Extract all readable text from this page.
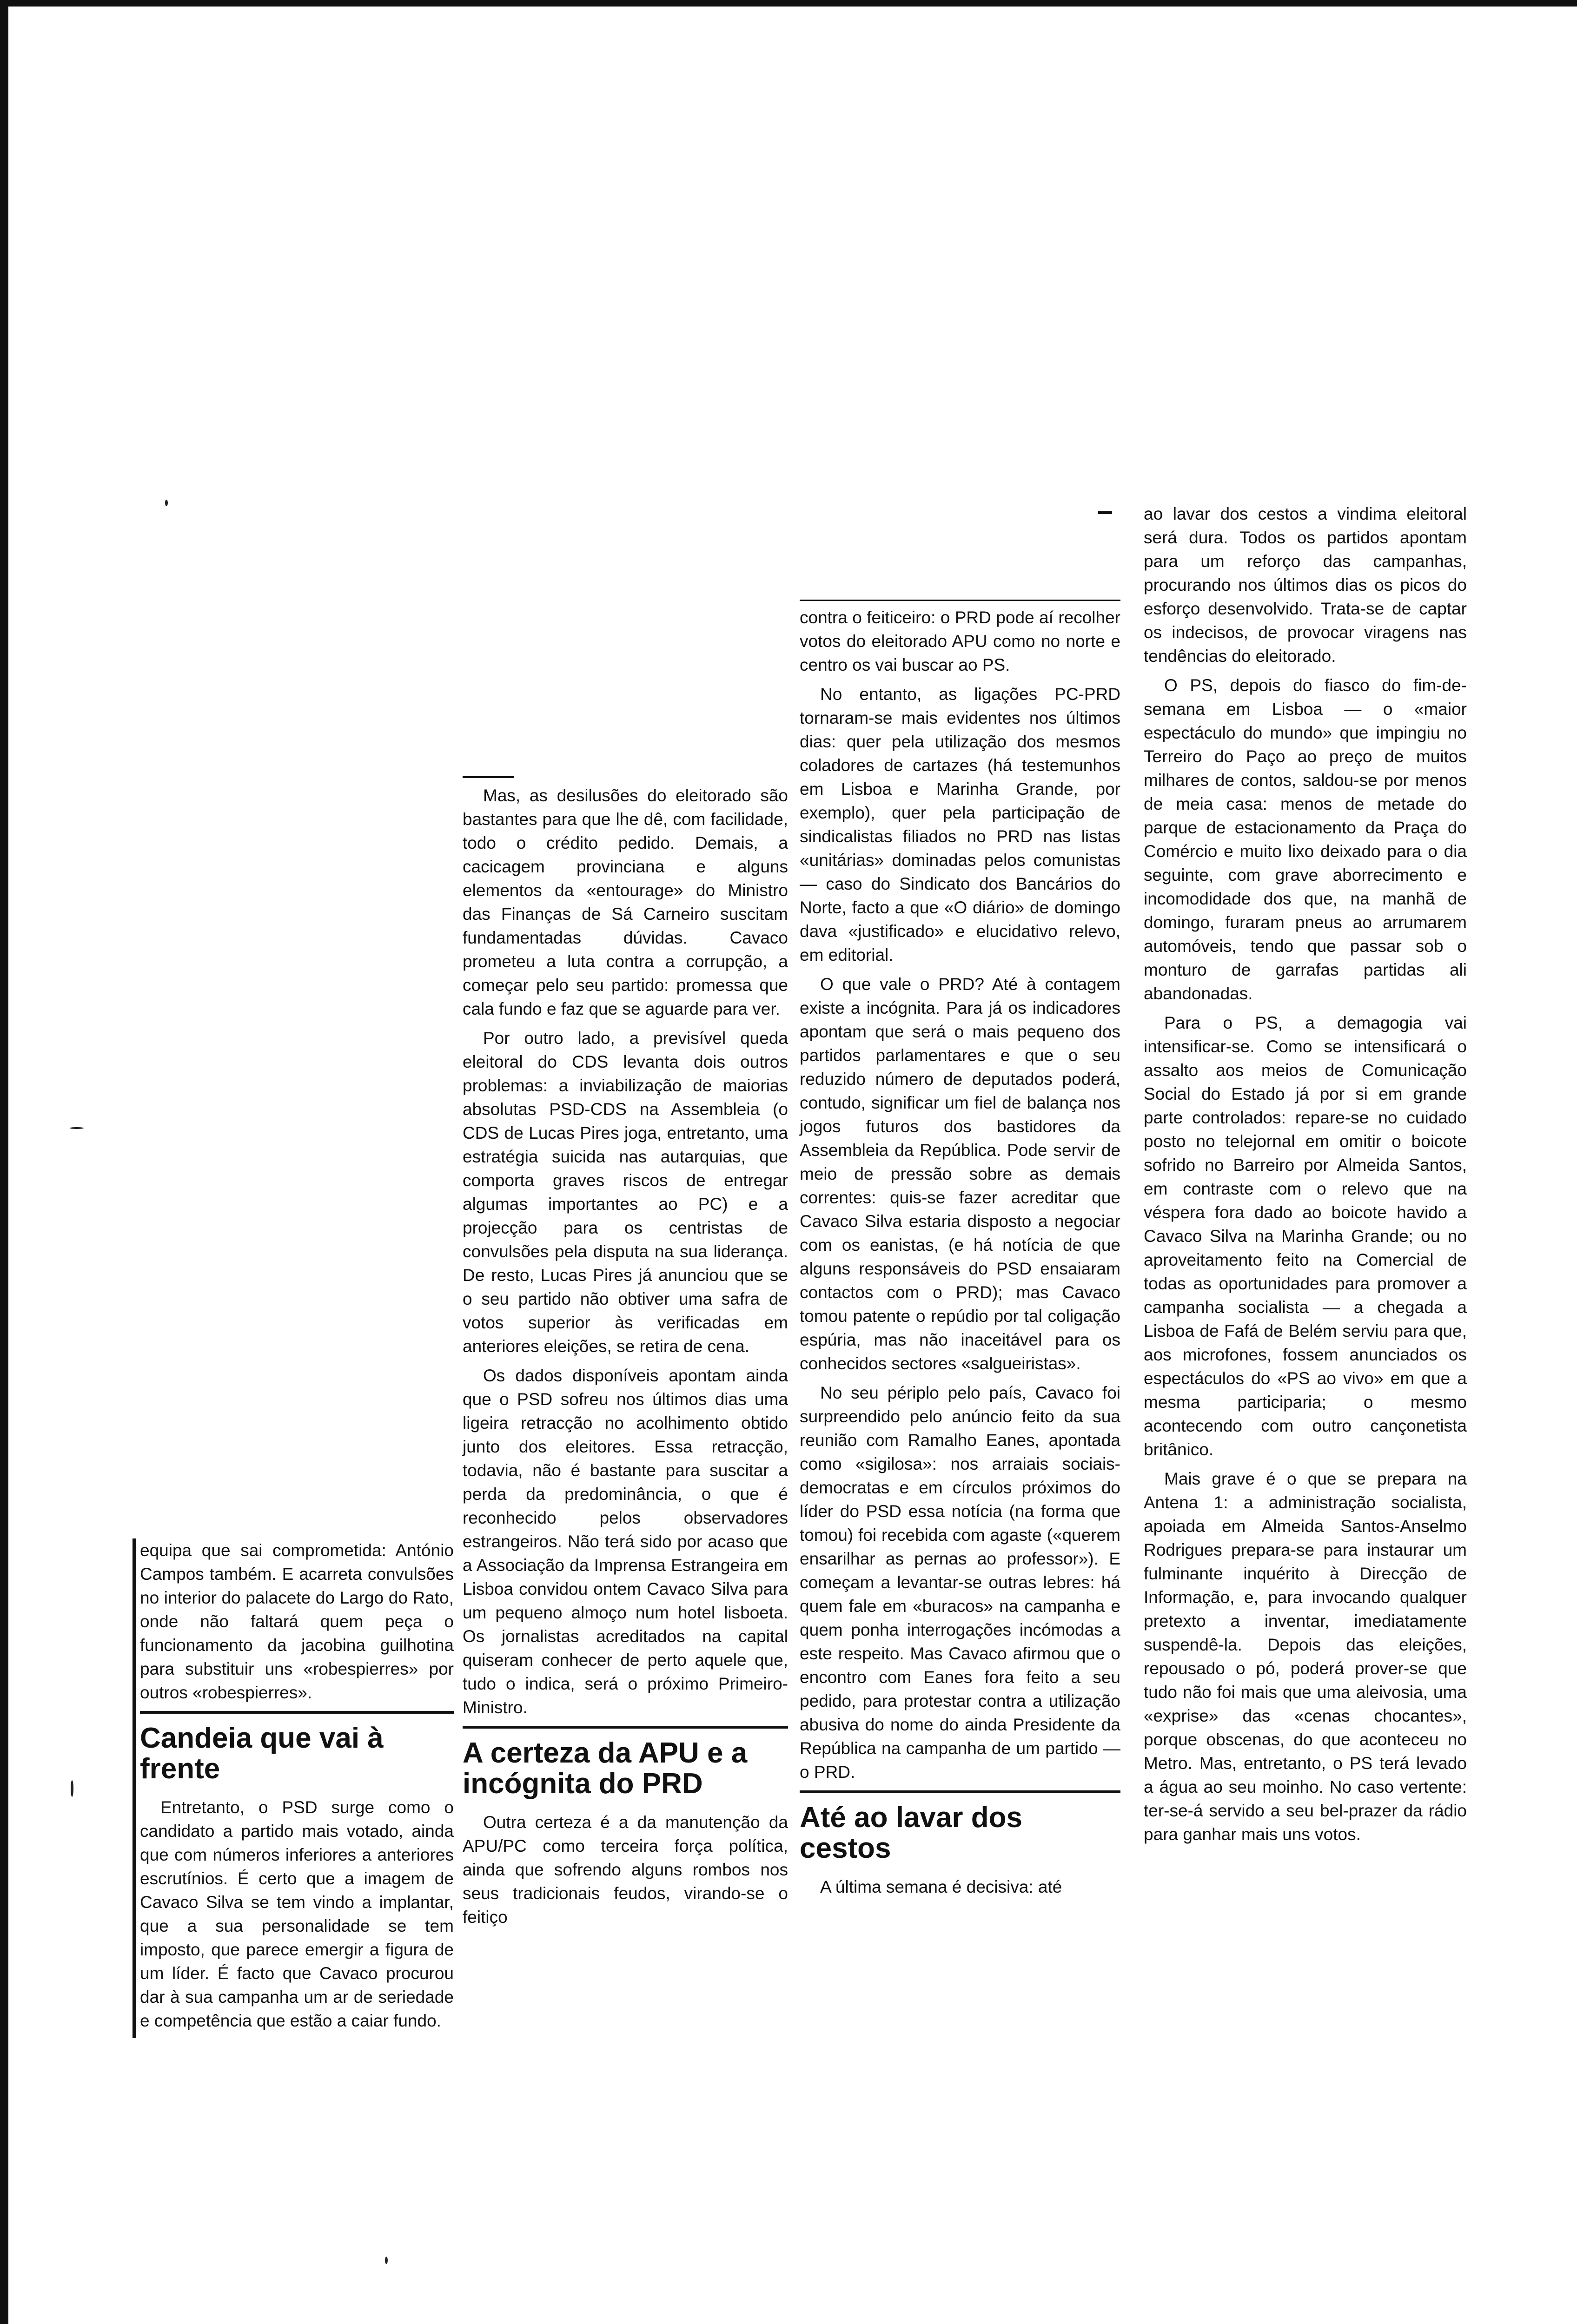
equipa que sai comprometida: António Campos também. E acarreta convulsões no interior do palacete do Largo do Rato, onde não faltará quem peça o funcionamento da jacobina guilhotina para substituir uns «robespierres» por outros «robespierres».

Candeia que vai à frente

Entretanto, o PSD surge como o candidato a partido mais votado, ainda que com números inferiores a anteriores escrutínios. É certo que a imagem de Cavaco Silva se tem vindo a implantar, que a sua personalidade se tem imposto, que parece emergir a figura de um líder. É facto que Cavaco procurou dar à sua campanha um ar de seriedade e competência que estão a caiar fundo.

Mas, as desilusões do eleitorado são bastantes para que lhe dê, com facilidade, todo o crédito pedido. Demais, a cacicagem provinciana e alguns elementos da «entourage» do Ministro das Finanças de Sá Carneiro suscitam fundamentadas dúvidas. Cavaco prometeu a luta contra a corrupção, a começar pelo seu partido: promessa que cala fundo e faz que se aguarde para ver.

Por outro lado, a previsível queda eleitoral do CDS levanta dois outros problemas: a inviabilização de maiorias absolutas PSD-CDS na Assembleia (o CDS de Lucas Pires joga, entretanto, uma estratégia suicida nas autarquias, que comporta graves riscos de entregar algumas importantes ao PC) e a projecção para os centristas de convulsões pela disputa na sua liderança. De resto, Lucas Pires já anunciou que se o seu partido não obtiver uma safra de votos superior às verificadas em anteriores eleições, se retira de cena.

Os dados disponíveis apontam ainda que o PSD sofreu nos últimos dias uma ligeira retracção no acolhimento obtido junto dos eleitores. Essa retracção, todavia, não é bastante para suscitar a perda da predominância, o que é reconhecido pelos observadores estrangeiros. Não terá sido por acaso que a Associação da Imprensa Estrangeira em Lisboa convidou ontem Cavaco Silva para um pequeno almoço num hotel lisboeta. Os jornalistas acreditados na capital quiseram conhecer de perto aquele que, tudo o indica, será o próximo Primeiro-Ministro.

A certeza da APU e a incógnita do PRD

Outra certeza é a da manutenção da APU/PC como terceira força política, ainda que sofrendo alguns rombos nos seus tradicionais feudos, virando-se o feitiço

contra o feiticeiro: o PRD pode aí recolher votos do eleitorado APU como no norte e centro os vai buscar ao PS.

No entanto, as ligações PC-PRD tornaram-se mais evidentes nos últimos dias: quer pela utilização dos mesmos coladores de cartazes (há testemunhos em Lisboa e Marinha Grande, por exemplo), quer pela participação de sindicalistas filiados no PRD nas listas «unitárias» dominadas pelos comunistas — caso do Sindicato dos Bancários do Norte, facto a que «O diário» de domingo dava «justificado» e elucidativo relevo, em editorial.

O que vale o PRD? Até à contagem existe a incógnita. Para já os indicadores apontam que será o mais pequeno dos partidos parlamentares e que o seu reduzido número de deputados poderá, contudo, significar um fiel de balança nos jogos futuros dos bastidores da Assembleia da República. Pode servir de meio de pressão sobre as demais correntes: quis-se fazer acreditar que Cavaco Silva estaria disposto a negociar com os eanistas, (e há notícia de que alguns responsáveis do PSD ensaiaram contactos com o PRD); mas Cavaco tomou patente o repúdio por tal coligação espúria, mas não inaceitável para os conhecidos sectores «salgueiristas».

No seu périplo pelo país, Cavaco foi surpreendido pelo anúncio feito da sua reunião com Ramalho Eanes, apontada como «sigilosa»: nos arraiais sociais-democratas e em círculos próximos do líder do PSD essa notícia (na forma que tomou) foi recebida com agaste («querem ensarilhar as pernas ao professor»). E começam a levantar-se outras lebres: há quem fale em «buracos» na campanha e quem ponha interrogações incómodas a este respeito. Mas Cavaco afirmou que o encontro com Eanes fora feito a seu pedido, para protestar contra a utilização abusiva do nome do ainda Presidente da República na campanha de um partido — o PRD.

Até ao lavar dos cestos

A última semana é decisiva: até

ao lavar dos cestos a vindima eleitoral será dura. Todos os partidos apontam para um reforço das campanhas, procurando nos últimos dias os picos do esforço desenvolvido. Trata-se de captar os indecisos, de provocar viragens nas tendências do eleitorado.

O PS, depois do fiasco do fim-de-semana em Lisboa — o «maior espectáculo do mundo» que impingiu no Terreiro do Paço ao preço de muitos milhares de contos, saldou-se por menos de meia casa: menos de metade do parque de estacionamento da Praça do Comércio e muito lixo deixado para o dia seguinte, com grave aborrecimento e incomodidade dos que, na manhã de domingo, furaram pneus ao arrumarem automóveis, tendo que passar sob o monturo de garrafas partidas ali abandonadas.

Para o PS, a demagogia vai intensificar-se. Como se intensificará o assalto aos meios de Comunicação Social do Estado já por si em grande parte controlados: repare-se no cuidado posto no telejornal em omitir o boicote sofrido no Barreiro por Almeida Santos, em contraste com o relevo que na véspera fora dado ao boicote havido a Cavaco Silva na Marinha Grande; ou no aproveitamento feito na Comercial de todas as oportunidades para promover a campanha socialista — a chegada a Lisboa de Fafá de Belém serviu para que, aos microfones, fossem anunciados os espectáculos do «PS ao vivo» em que a mesma participaria; o mesmo acontecendo com outro cançonetista britânico.

Mais grave é o que se prepara na Antena 1: a administração socialista, apoiada em Almeida Santos-Anselmo Rodrigues prepara-se para instaurar um fulminante inquérito à Direcção de Informação, e, para invocando qualquer pretexto a inventar, imediatamente suspendê-la. Depois das eleições, repousado o pó, poderá prover-se que tudo não foi mais que uma aleivosia, uma «exprise» das «cenas chocantes», porque obscenas, do que aconteceu no Metro. Mas, entretanto, o PS terá levado a água ao seu moinho. No caso vertente: ter-se-á servido a seu bel-prazer da rádio para ganhar mais uns votos.
